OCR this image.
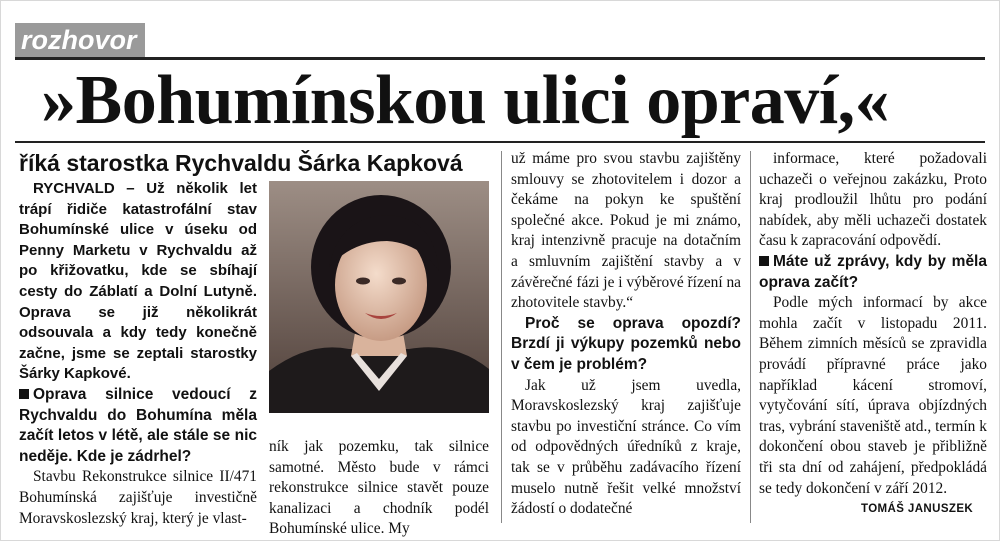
rozhovor
»Bohumínskou ulici opraví,«
říká starostka Rychvaldu Šárka Kapková

RYCHVALD – Už několik let trápí řidiče katastrofální stav Bohumínské ulice v úseku od Penny Marketu v Rychvaldu až po křižovatku, kde se sbíhají cesty do Záblatí a Dolní Lutyně. Oprava se již několikrát odsouvala a kdy tedy konečně začne, jsme se zeptali starostky Šárky Kapkové.

Oprava silnice vedoucí z Rychvaldu do Bohumína měla začít letos v létě, ale stále se nic neděje. Kde je zádrhel?

Stavbu Rekonstrukce silnice II/471 Bohumínská zajišťuje investičně Moravskoslezský kraj, který je vlast-

ník jak pozemku, tak silnice samotné. Město bude v rámci rekonstrukce silnice stavět pouze kanalizaci a chodník podél Bohumínské ulice. My

už máme pro svou stavbu zajištěny smlouvy se zhotovitelem i dozor a čekáme na pokyn ke spuštění společné akce. Pokud je mi známo, kraj intenzivně pracuje na dotačním a smluvním zajištění stavby a v závěrečné fázi je i výběrové řízení na zhotovitele stavby.“

Proč se oprava opozdí? Brzdí ji výkupy pozemků nebo v čem je problém?

Jak už jsem uvedla, Moravskoslezský kraj zajišťuje stavbu po investiční stránce. Co vím od odpovědných úředníků z kraje, tak se v průběhu zadávacího řízení muselo nutně řešit velké množství žádostí o dodatečné

informace, které požadovali uchazeči o veřejnou zakázku, Proto kraj prodloužil lhůtu pro podání nabídek, aby měli uchazeči dostatek času k zapracování odpovědí.

Máte už zprávy, kdy by měla oprava začít?

Podle mých informací by akce mohla začít v listopadu 2011. Během zimních měsíců se zpravidla provádí přípravné práce jako například kácení stromoví, vytyčování sítí, úprava objízdných tras, vybrání staveniště atd., termín k dokončení obou staveb je přibližně tři sta dní od zahájení, předpokládá se tedy dokončení v září 2012.

TOMÁŠ JANUSZEK
